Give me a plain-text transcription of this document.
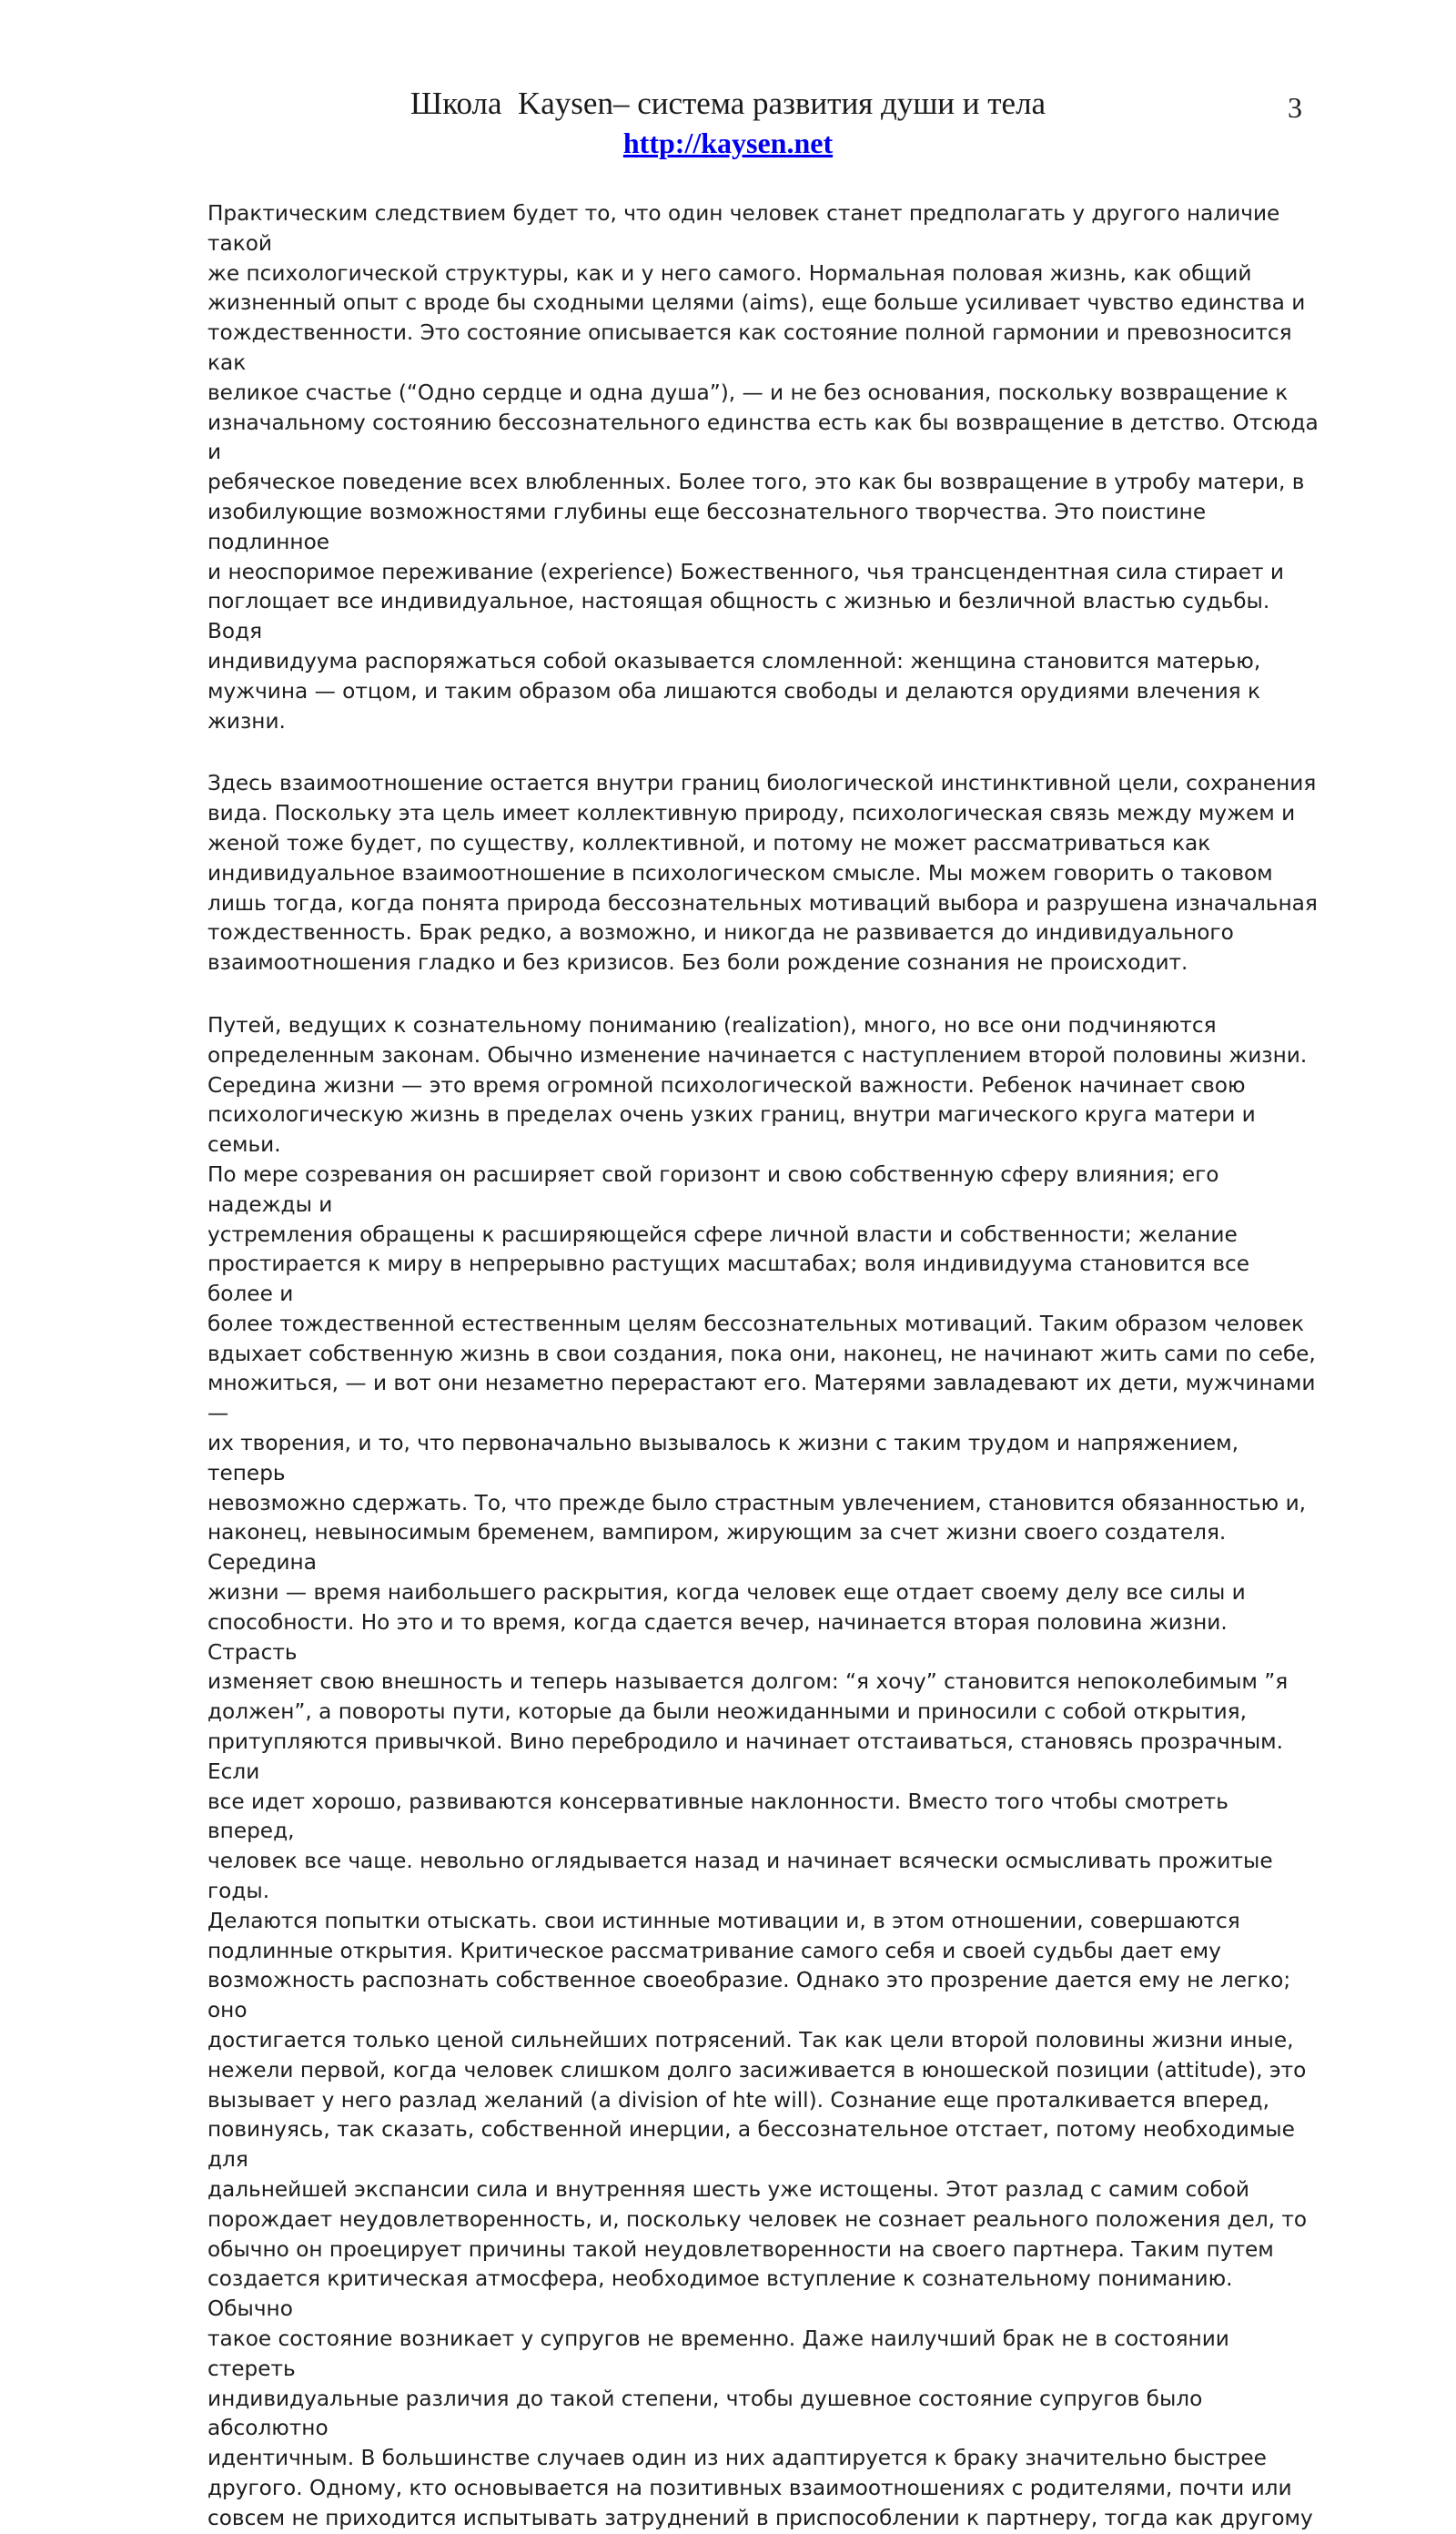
Школа  Kaysen– система развития души и тела
http://kaysen.net
3

Практическим следствием будет то, что один человек станет предполагать у другого наличие такой
же психологической структуры, как и у него самого. Нормальная половая жизнь, как общий
жизненный опыт с вроде бы сходными целями (aims), еще больше усиливает чувство единства и
тождественности. Это состояние описывается как состояние полной гармонии и превозносится как
великое счастье (“Одно сердце и одна душа”), — и не без основания, поскольку возвращение к
изначальному состоянию бессознательного единства есть как бы возвращение в детство. Отсюда и
ребяческое поведение всех влюбленных. Более того, это как бы возвращение в утробу матери, в
изобилующие возможностями глубины еще бессознательного творчества. Это поистине подлинное
и неоспоримое переживание (experience) Божественного, чья трансцендентная сила стирает и
поглощает все индивидуальное, настоящая общность с жизнью и безличной властью судьбы. Водя
индивидуума распоряжаться собой оказывается сломленной: женщина становится матерью,
мужчина — отцом, и таким образом оба лишаются свободы и делаются орудиями влечения к жизни.

Здесь взаимоотношение остается внутри границ биологической инстинктивной цели, сохранения
вида. Поскольку эта цель имеет коллективную природу, психологическая связь между мужем и
женой тоже будет, по существу, коллективной, и потому не может рассматриваться как
индивидуальное взаимоотношение в психологическом смысле. Мы можем говорить о таковом
лишь тогда, когда понята природа бессознательных мотиваций выбора и разрушена изначальная
тождественность. Брак редко, а возможно, и никогда не развивается до индивидуального
взаимоотношения гладко и без кризисов. Без боли рождение сознания не происходит.

Путей, ведущих к сознательному пониманию (realization), много, но все они подчиняются
определенным законам. Обычно изменение начинается с наступлением второй половины жизни.
Середина жизни — это время огромной психологической важности. Ребенок начинает свою
психологическую жизнь в пределах очень узких границ, внутри магического круга матери и семьи.
По мере созревания он расширяет свой горизонт и свою собственную сферу влияния; его надежды и
устремления обращены к расширяющейся сфере личной власти и собственности; желание
простирается к миру в непрерывно растущих масштабах; воля индивидуума становится все более и
более тождественной естественным целям бессознательных мотиваций. Таким образом человек
вдыхает собственную жизнь в свои создания, пока они, наконец, не начинают жить сами по себе,
множиться, — и вот они незаметно перерастают его. Матерями завладевают их дети, мужчинами —
их творения, и то, что первоначально вызывалось к жизни с таким трудом и напряжением, теперь
невозможно сдержать. То, что прежде было страстным увлечением, становится обязанностью и,
наконец, невыносимым бременем, вампиром, жирующим за счет жизни своего создателя. Середина
жизни — время наибольшего раскрытия, когда человек еще отдает своему делу все силы и
способности. Но это и то время, когда сдается вечер, начинается вторая половина жизни. Страсть
изменяет свою внешность и теперь называется долгом: “я хочу” становится непоколебимым ”я
должен”, а повороты пути, которые да были неожиданными и приносили с собой открытия,
притупляются привычкой. Вино перебродило и начинает отстаиваться, становясь прозрачным. Если
все идет хорошо, развиваются консервативные наклонности. Вместо того чтобы смотреть вперед,
человек все чаще. невольно оглядывается назад и начинает всячески осмысливать прожитые годы.
Делаются попытки отыскать. свои истинные мотивации и, в этом отношении, совершаются
подлинные открытия. Критическое рассматривание самого себя и своей судьбы дает ему
возможность распознать собственное своеобразие. Однако это прозрение дается ему не легко; оно
достигается только ценой сильнейших потрясений. Так как цели второй половины жизни иные,
нежели первой, когда человек слишком долго засиживается в юношеской позиции (attitude), это
вызывает у него разлад желаний (a division of hte will). Сознание еще проталкивается вперед,
повинуясь, так сказать, собственной инерции, а бессознательное отстает, потому необходимые для
дальнейшей экспансии сила и внутренняя шесть уже истощены. Этот разлад с самим собой
порождает неудовлетворенность, и, поскольку человек не сознает реального положения дел, то
обычно он проецирует причины такой неудовлетворенности на своего партнера. Таким путем
создается критическая атмосфера, необходимое вступление к сознательному пониманию. Обычно
такое состояние возникает у супругов не временно. Даже наилучший брак не в состоянии стереть
индивидуальные различия до такой степени, чтобы душевное состояние супругов было абсолютно
идентичным. В большинстве случаев один из них адаптируется к браку значительно быстрее
другого. Одному, кто основывается на позитивных взаимоотношениях с родителями, почти или
совсем не приходится испытывать затруднений в приспособлении к партнеру, тогда как другому
